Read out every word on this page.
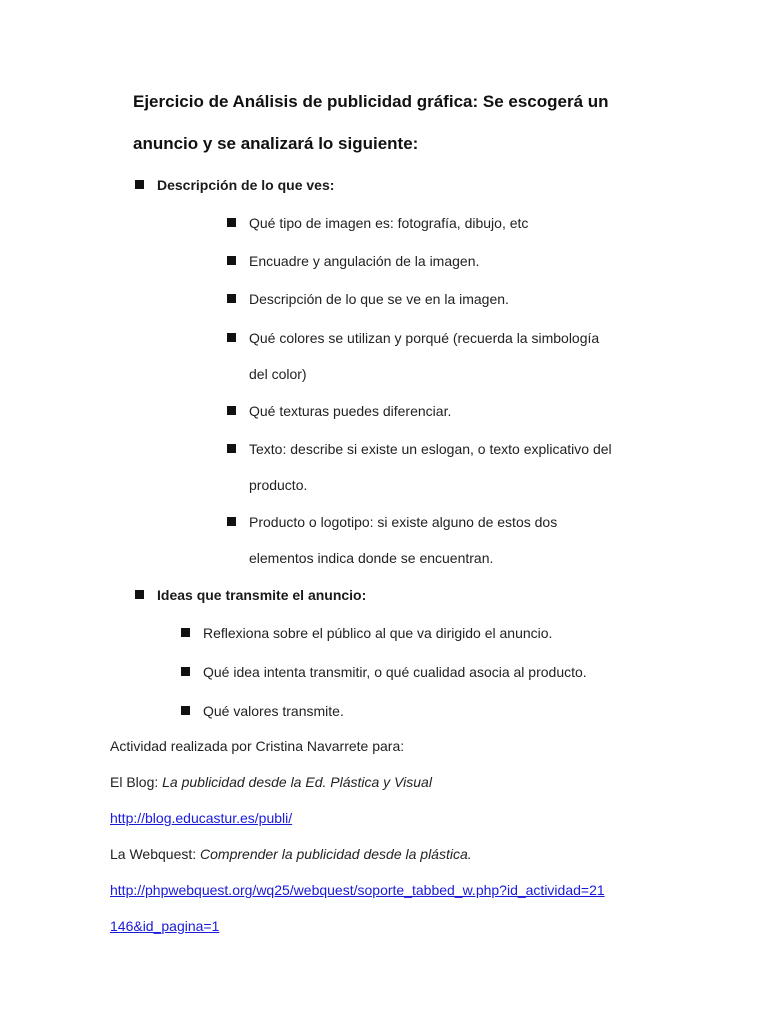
Ejercicio de Análisis de publicidad gráfica: Se escogerá un
anuncio y se analizará lo siguiente:
Descripción de lo que ves:
Qué tipo de imagen es: fotografía, dibujo, etc
Encuadre y angulación de la imagen.
Descripción de lo que se ve en la imagen.
Qué colores se utilizan y porqué (recuerda la simbología
del color)
Qué texturas puedes diferenciar.
Texto: describe si existe un eslogan, o texto explicativo del
producto.
Producto o logotipo: si existe alguno de estos dos
elementos indica donde se encuentran.
Ideas que transmite el anuncio:
Reflexiona sobre el público al que va dirigido el anuncio.
Qué idea intenta transmitir, o qué cualidad asocia al producto.
Qué valores transmite.
Actividad realizada por Cristina Navarrete para:
El Blog: La publicidad desde la Ed. Plástica y Visual
http://blog.educastur.es/publi/
La Webquest: Comprender la publicidad desde la plástica.
http://phpwebquest.org/wq25/webquest/soporte_tabbed_w.php?id_actividad=21
146&id_pagina=1
